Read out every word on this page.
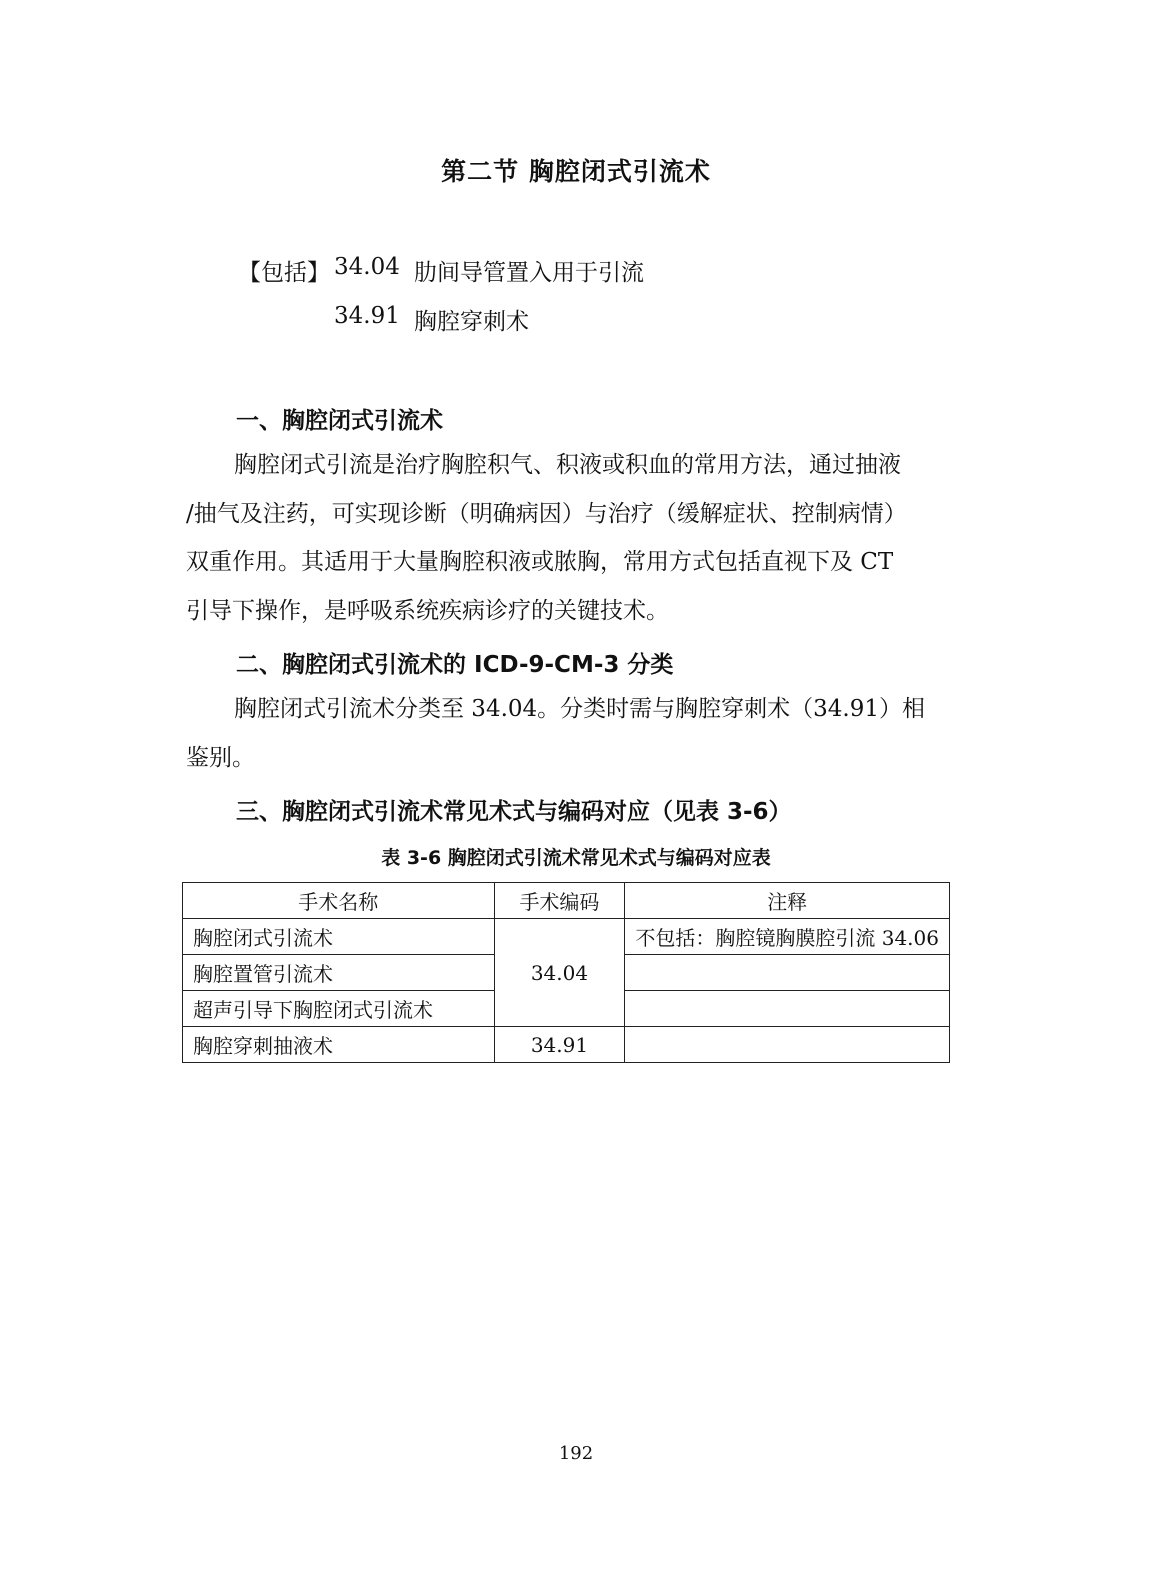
第二节 胸腔闭式引流术
【包括】 34.04 肋间导管置入用于引流
34.91 胸腔穿刺术
一、胸腔闭式引流术
胸腔闭式引流是治疗胸腔积气、积液或积血的常用方法，通过抽液
/抽气及注药，可实现诊断（明确病因）与治疗（缓解症状、控制病情）
双重作用。其适用于大量胸腔积液或脓胸，常用方式包括直视下及 CT
引导下操作，是呼吸系统疾病诊疗的关键技术。
二、胸腔闭式引流术的 ICD-9-CM-3 分类
胸腔闭式引流术分类至 34.04。分类时需与胸腔穿刺术（34.91）相
鉴别。
三、胸腔闭式引流术常见术式与编码对应（见表 3-6）
表 3-6 胸腔闭式引流术常见术式与编码对应表
手术名称	手术编码	注释
胸腔闭式引流术	34.04	不包括：胸腔镜胸膜腔引流 34.06
胸腔置管引流术		
超声引导下胸腔闭式引流术		
胸腔穿刺抽液术	34.91	
192
